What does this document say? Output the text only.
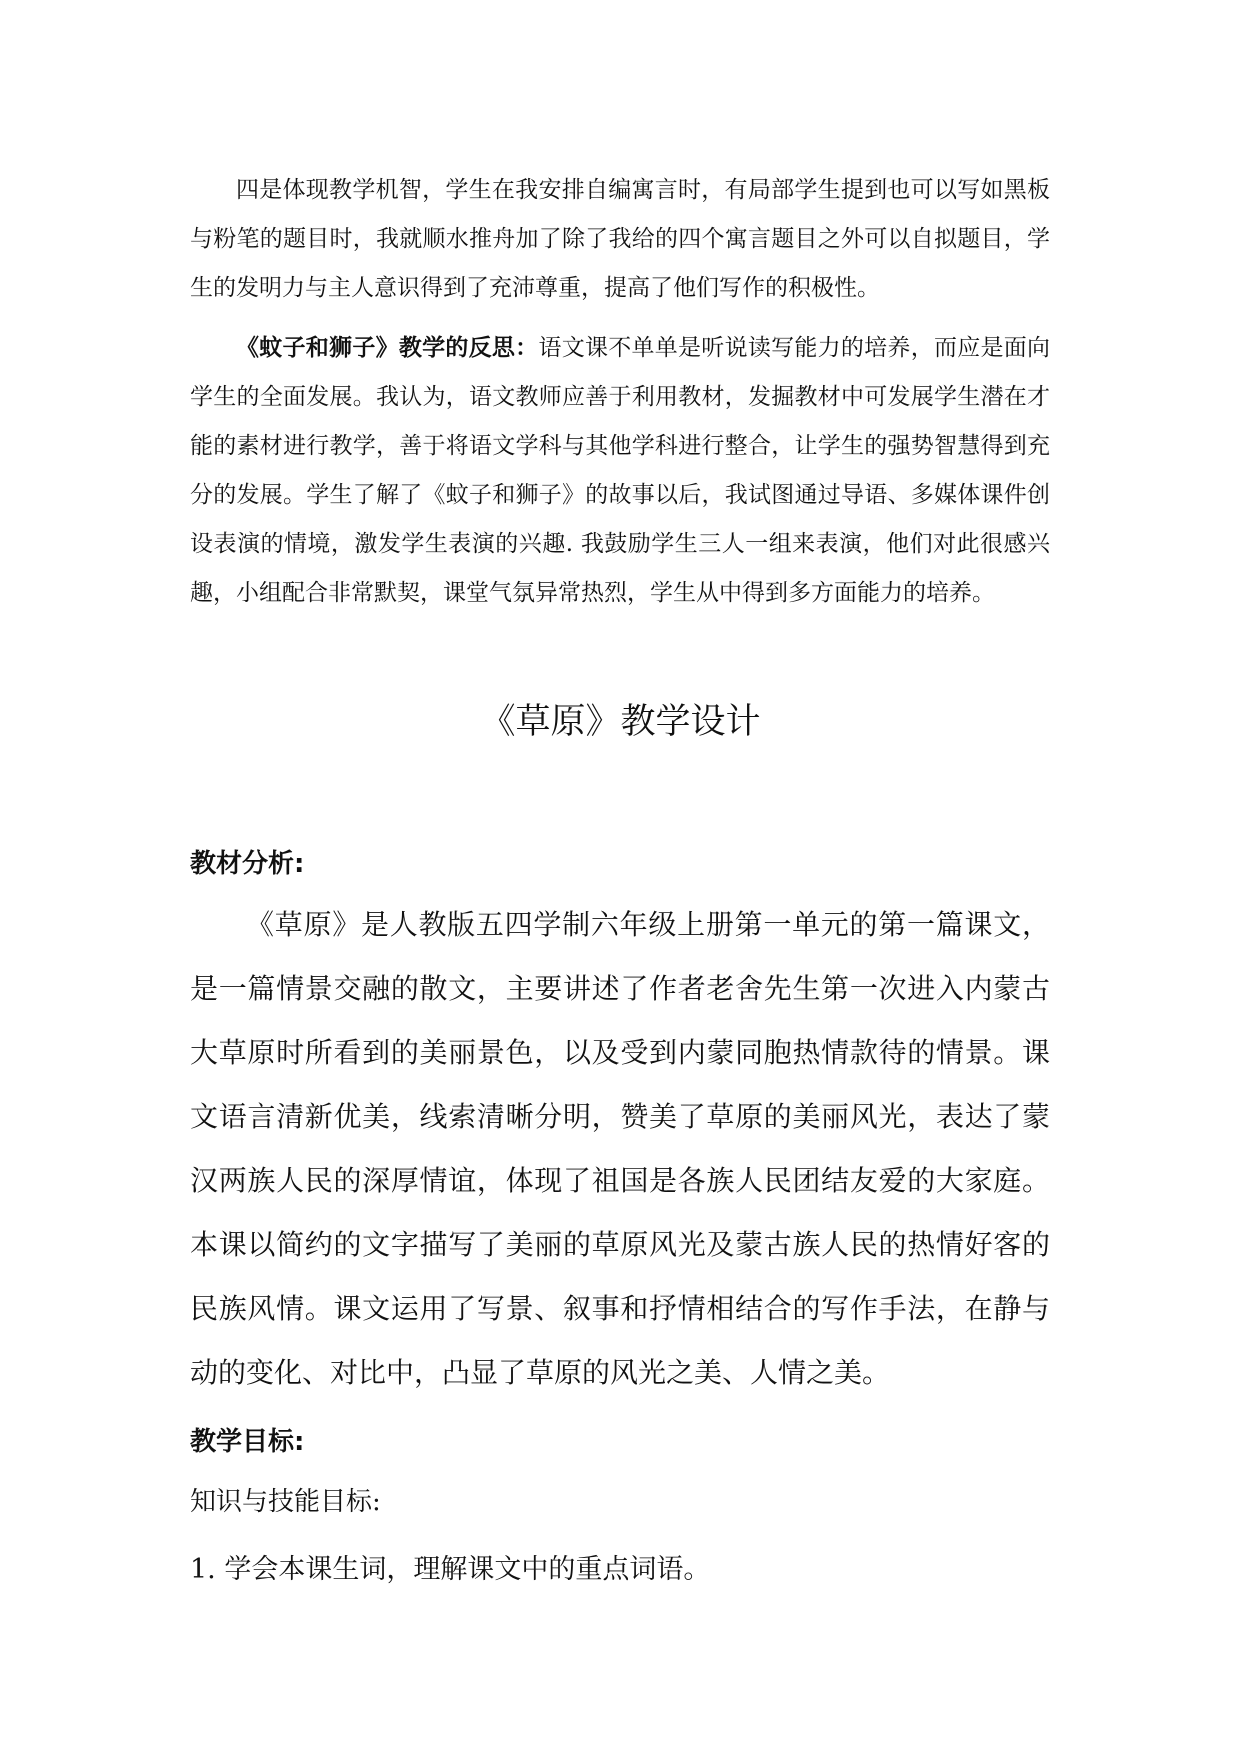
四是体现教学机智，学生在我安排自编寓言时，有局部学生提到也可以写如黑板与粉笔的题目时，我就顺水推舟加了除了我给的四个寓言题目之外可以自拟题目，学生的发明力与主人意识得到了充沛尊重，提高了他们写作的积极性。

《蚊子和狮子》教学的反思：语文课不单单是听说读写能力的培养，而应是面向学生的全面发展。我认为，语文教师应善于利用教材，发掘教材中可发展学生潜在才能的素材进行教学，善于将语文学科与其他学科进行整合，让学生的强势智慧得到充分的发展。学生了解了《蚊子和狮子》的故事以后，我试图通过导语、多媒体课件创设表演的情境，激发学生表演的兴趣. 我鼓励学生三人一组来表演，他们对此很感兴趣，小组配合非常默契，课堂气氛异常热烈，学生从中得到多方面能力的培养。

《草原》教学设计
教材分析:

《草原》是人教版五四学制六年级上册第一单元的第一篇课文，是一篇情景交融的散文，主要讲述了作者老舍先生第一次进入内蒙古大草原时所看到的美丽景色，以及受到内蒙同胞热情款待的情景。课文语言清新优美，线索清晰分明，赞美了草原的美丽风光，表达了蒙汉两族人民的深厚情谊，体现了祖国是各族人民团结友爱的大家庭。本课以简约的文字描写了美丽的草原风光及蒙古族人民的热情好客的民族风情。课文运用了写景、叙事和抒情相结合的写作手法，在静与动的变化、对比中，凸显了草原的风光之美、人情之美。

教学目标:

知识与技能目标:

1. 学会本课生词，理解课文中的重点词语。
